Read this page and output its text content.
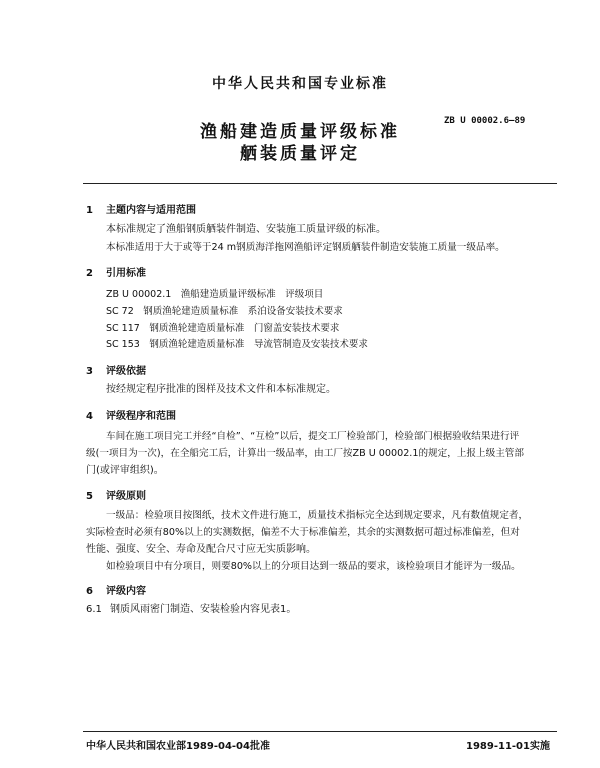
中华人民共和国专业标准
渔船建造质量评级标准
舾装质量评定
ZB U 00002.6—89
1 主题内容与适用范围
本标准规定了渔船钢质舾装件制造、安装施工质量评级的标准。
本标准适用于大于或等于24 m钢质海洋拖网渔船评定钢质舾装件制造安装施工质量一级品率。
2 引用标准
ZB U 00002.1　渔船建造质量评级标准　评级项目
SC 72　钢质渔轮建造质量标准　系泊设备安装技术要求
SC 117　钢质渔轮建造质量标准　门窗盖安装技术要求
SC 153　钢质渔轮建造质量标准　导流管制造及安装技术要求
3 评级依据
按经规定程序批准的图样及技术文件和本标准规定。
4 评级程序和范围
车间在施工项目完工并经“自检”、“互检”以后，提交工厂检验部门，检验部门根据验收结果进行评
级(一项目为一次)，在全船完工后，计算出一级品率，由工厂按ZB U 00002.1的规定，上报上级主管部
门(或评审组织)。
5 评级原则
一级品：检验项目按图纸，技术文件进行施工，质量技术指标完全达到规定要求，凡有数值规定者，
实际检查时必须有80%以上的实测数据，偏差不大于标准偏差，其余的实测数据可超过标准偏差，但对
性能、强度、安全、寿命及配合尺寸应无实质影响。
如检验项目中有分项目，则要80%以上的分项目达到一级品的要求，该检验项目才能评为一级品。
6 评级内容
6.1 钢质风雨密门制造、安装检验内容见表1。
中华人民共和国农业部1989-04-04批准	1989-11-01实施
